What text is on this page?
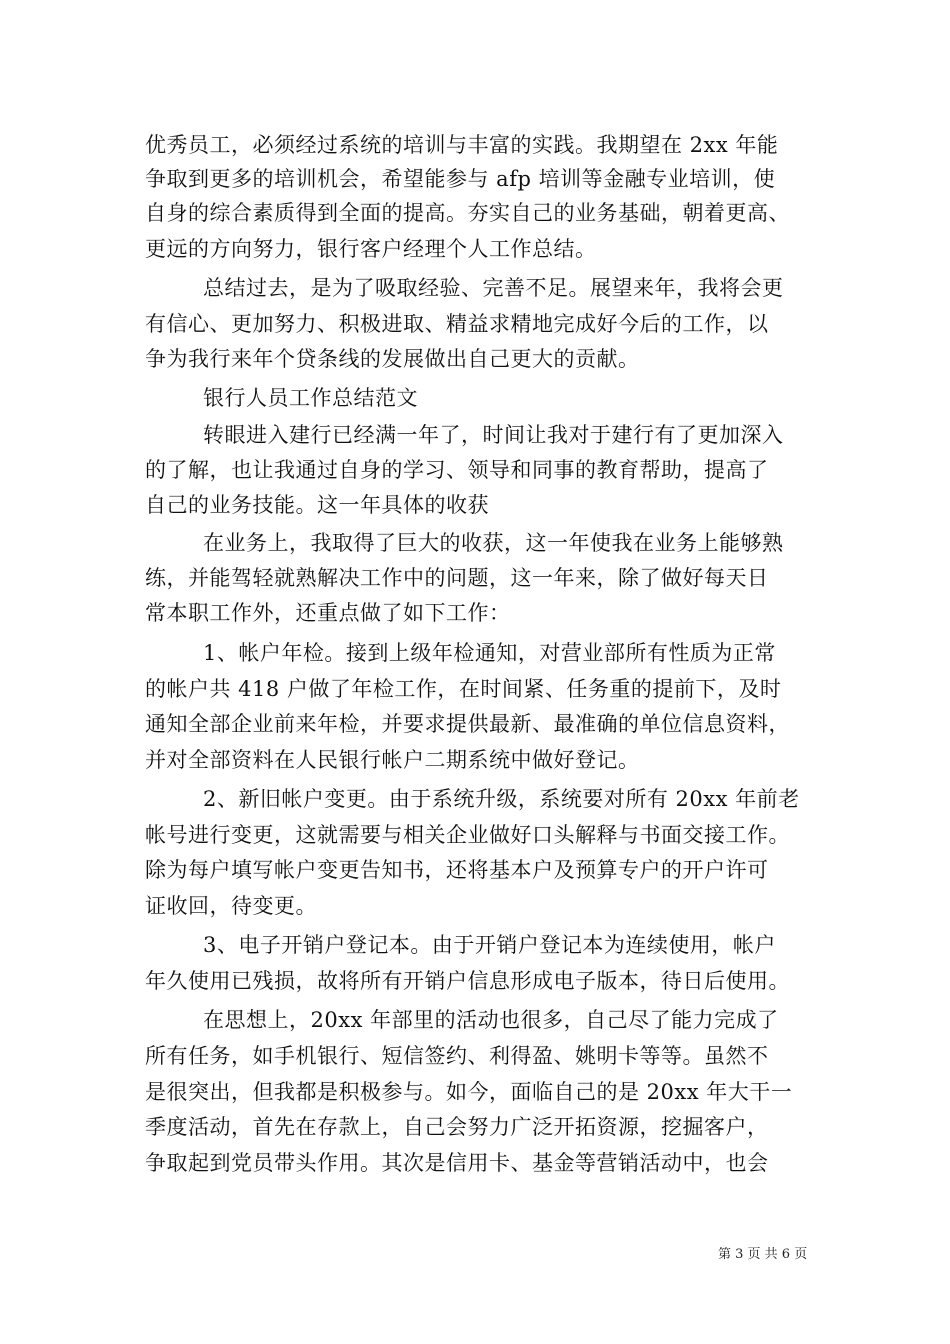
优秀员工，必须经过系统的培训与丰富的实践。我期望在 2xx 年能
争取到更多的培训机会，希望能参与 afp 培训等金融专业培训，使
自身的综合素质得到全面的提高。夯实自己的业务基础，朝着更高、
更远的方向努力，银行客户经理个人工作总结。
总结过去，是为了吸取经验、完善不足。展望来年，我将会更
有信心、更加努力、积极进取、精益求精地完成好今后的工作，以
争为我行来年个贷条线的发展做出自己更大的贡献。
银行人员工作总结范文
转眼进入建行已经满一年了，时间让我对于建行有了更加深入
的了解，也让我通过自身的学习、领导和同事的教育帮助，提高了
自己的业务技能。这一年具体的收获
在业务上，我取得了巨大的收获，这一年使我在业务上能够熟
练，并能驾轻就熟解决工作中的问题，这一年来，除了做好每天日
常本职工作外，还重点做了如下工作：
1、帐户年检。接到上级年检通知，对营业部所有性质为正常
的帐户共 418 户做了年检工作，在时间紧、任务重的提前下，及时
通知全部企业前来年检，并要求提供最新、最准确的单位信息资料，
并对全部资料在人民银行帐户二期系统中做好登记。
2、新旧帐户变更。由于系统升级，系统要对所有 20xx 年前老
帐号进行变更，这就需要与相关企业做好口头解释与书面交接工作。
除为每户填写帐户变更告知书，还将基本户及预算专户的开户许可
证收回，待变更。
3、电子开销户登记本。由于开销户登记本为连续使用，帐户
年久使用已残损，故将所有开销户信息形成电子版本，待日后使用。
在思想上，20xx 年部里的活动也很多，自己尽了能力完成了
所有任务，如手机银行、短信签约、利得盈、姚明卡等等。虽然不
是很突出，但我都是积极参与。如今，面临自己的是 20xx 年大干一
季度活动，首先在存款上，自己会努力广泛开拓资源，挖掘客户，
争取起到党员带头作用。其次是信用卡、基金等营销活动中，也会
第 3 页 共 6 页
